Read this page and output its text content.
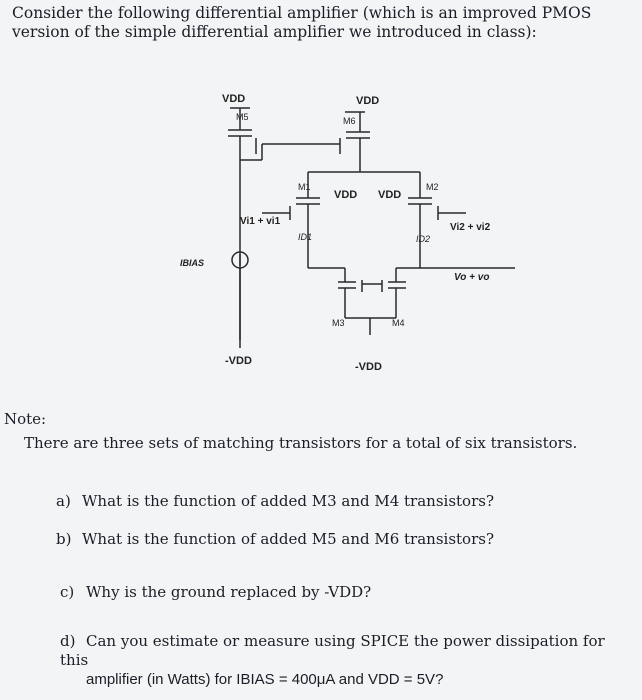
Consider the following differential amplifier (which is an improved PMOS version of the simple differential amplifier we introduced in class):

VDD	VDD
M5	M6
M1	M2
VDD VDD
Vi1 + vi1
Vi2 + vi2
ID1	ID2
IBIAS
Vo + vo
M3	M4
-VDD	-VDD

Note:

There are three sets of matching transistors for a total of six transistors.

a) What is the function of added M3 and M4 transistors?

b) What is the function of added M5 and M6 transistors?

c) Why is the ground replaced by -VDD?

d) Can you estimate or measure using SPICE the power dissipation for this
amplifier (in Watts) for IBIAS = 400μA and VDD = 5V?
